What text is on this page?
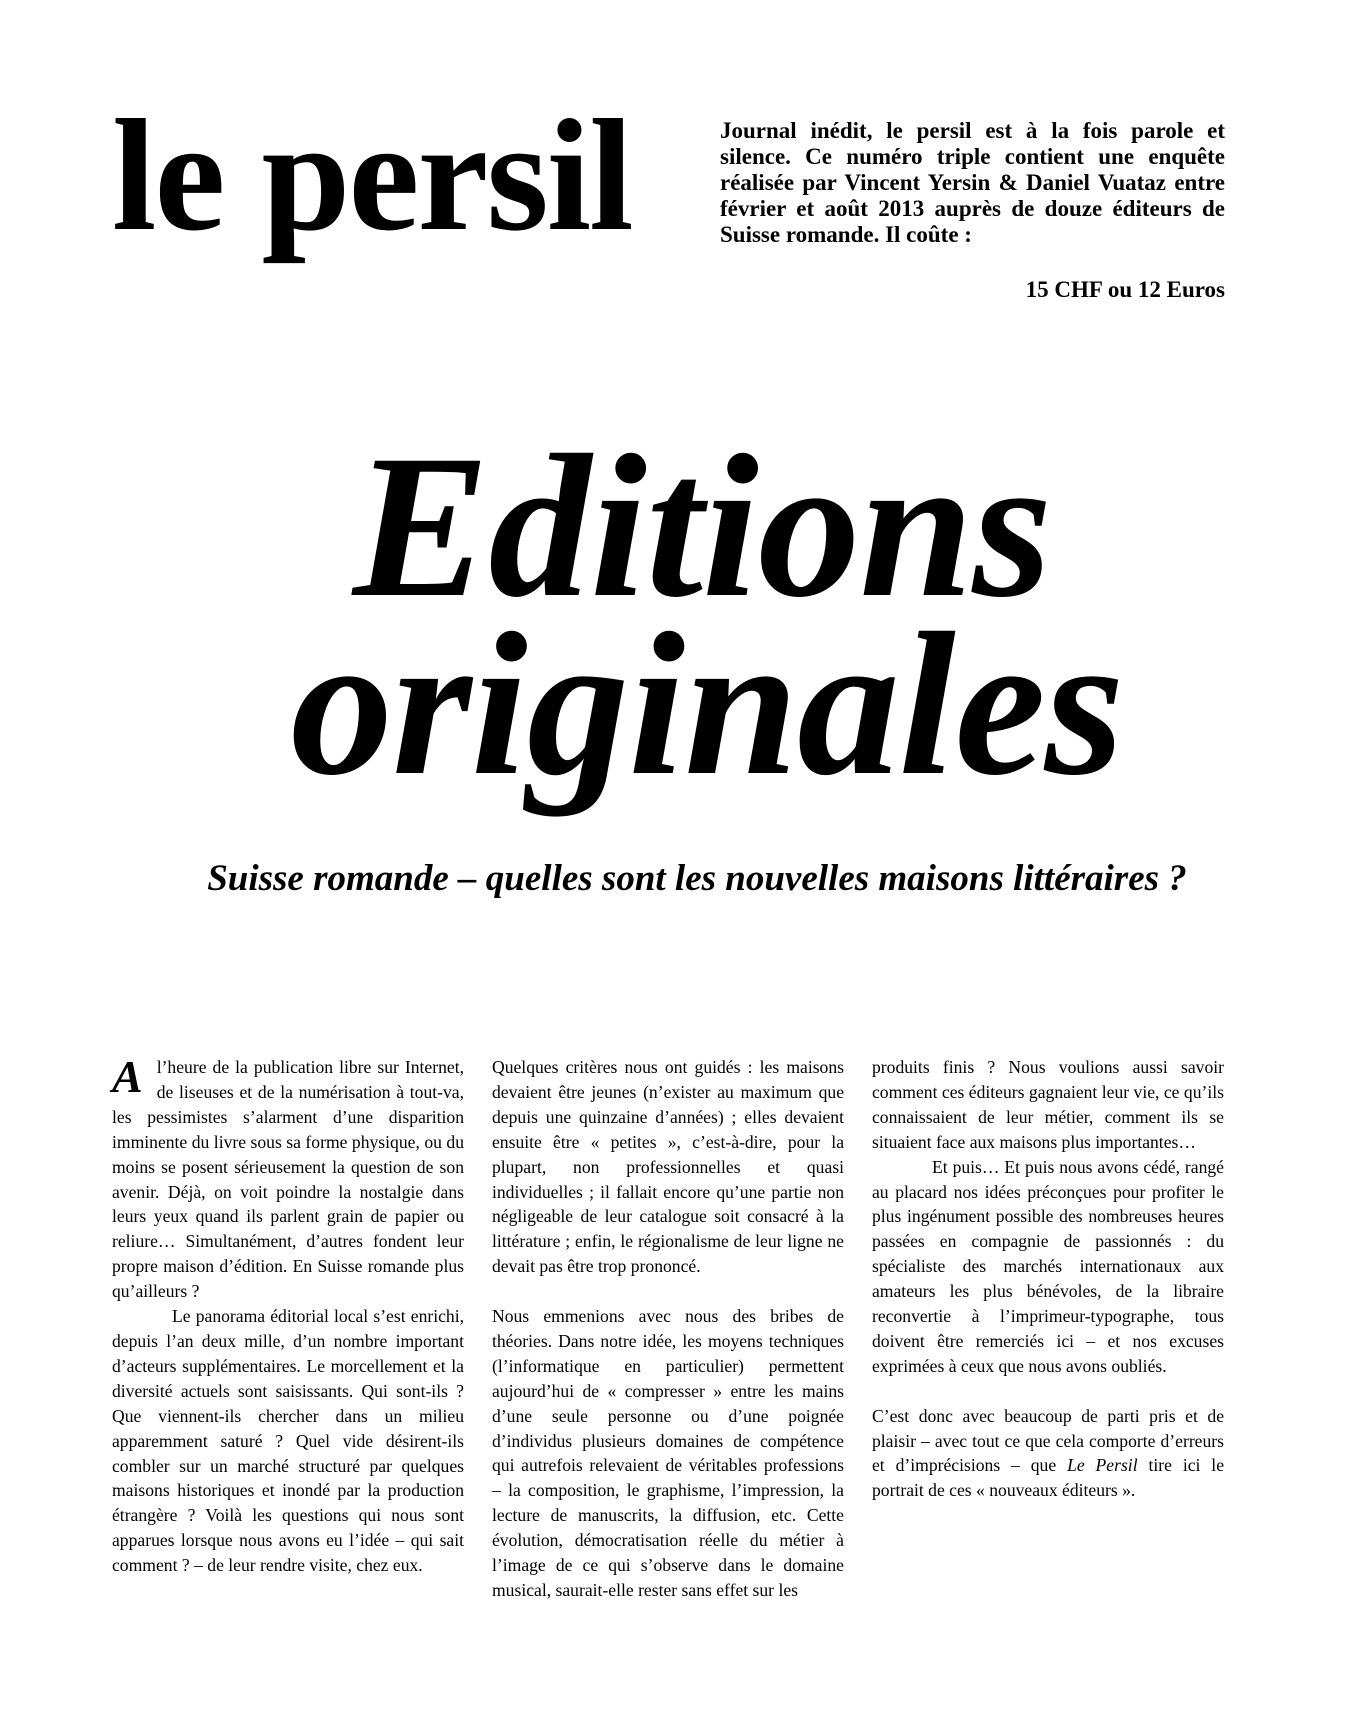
le persil	Journal inédit, le persil est à la fois parole et silence. Ce numéro triple contient une enquête réalisée par Vincent Yersin & Daniel Vuataz entre février et août 2013 auprès de douze éditeurs de Suisse romande. Il coûte :
15 CHF ou 12 Euros
Editions
originales
Suisse romande – quelles sont les nouvelles maisons littéraires ?

A l’heure de la publication libre sur Internet, de liseuses et de la numérisation à tout-va, les pessimistes s’alarment d’une disparition imminente du livre sous sa forme physique, ou du moins se posent sérieusement la question de son avenir. Déjà, on voit poindre la nostalgie dans leurs yeux quand ils parlent grain de papier ou reliure… Simultanément, d’autres fondent leur propre maison d’édition. En Suisse romande plus qu’ailleurs ?

Le panorama éditorial local s’est enrichi, depuis l’an deux mille, d’un nombre important d’acteurs supplémentaires. Le morcellement et la diversité actuels sont saisissants. Qui sont-ils ? Que viennent-ils chercher dans un milieu apparemment saturé ? Quel vide désirent-ils combler sur un marché structuré par quelques maisons historiques et inondé par la production étrangère ? Voilà les questions qui nous sont apparues lorsque nous avons eu l’idée – qui sait comment ? – de leur rendre visite, chez eux.

Quelques critères nous ont guidés : les maisons devaient être jeunes (n’exister au maximum que depuis une quinzaine d’années) ; elles devaient ensuite être « petites », c’est-à-dire, pour la plupart, non professionnelles et quasi individuelles ; il fallait encore qu’une partie non négligeable de leur catalogue soit consacré à la littérature ; enfin, le régionalisme de leur ligne ne devait pas être trop prononcé.

Nous emmenions avec nous des bribes de théories. Dans notre idée, les moyens techniques (l’informatique en particulier) permettent aujourd’hui de « compresser » entre les mains d’une seule personne ou d’une poignée d’individus plusieurs domaines de compétence qui autrefois relevaient de véritables professions – la composition, le graphisme, l’impression, la lecture de manuscrits, la diffusion, etc. Cette évolution, démocratisation réelle du métier à l’image de ce qui s’observe dans le domaine musical, saurait-elle rester sans effet sur les

produits finis ? Nous voulions aussi savoir comment ces éditeurs gagnaient leur vie, ce qu’ils connaissaient de leur métier, comment ils se situaient face aux maisons plus importantes…

Et puis… Et puis nous avons cédé, rangé au placard nos idées préconçues pour profiter le plus ingénument possible des nombreuses heures passées en compagnie de passionnés : du spécialiste des marchés internationaux aux amateurs les plus bénévoles, de la libraire reconvertie à l’imprimeur-typographe, tous doivent être remerciés ici – et nos excuses exprimées à ceux que nous avons oubliés.

C’est donc avec beaucoup de parti pris et de plaisir – avec tout ce que cela comporte d’erreurs et d’imprécisions – que Le Persil tire ici le portrait de ces « nouveaux éditeurs ».
